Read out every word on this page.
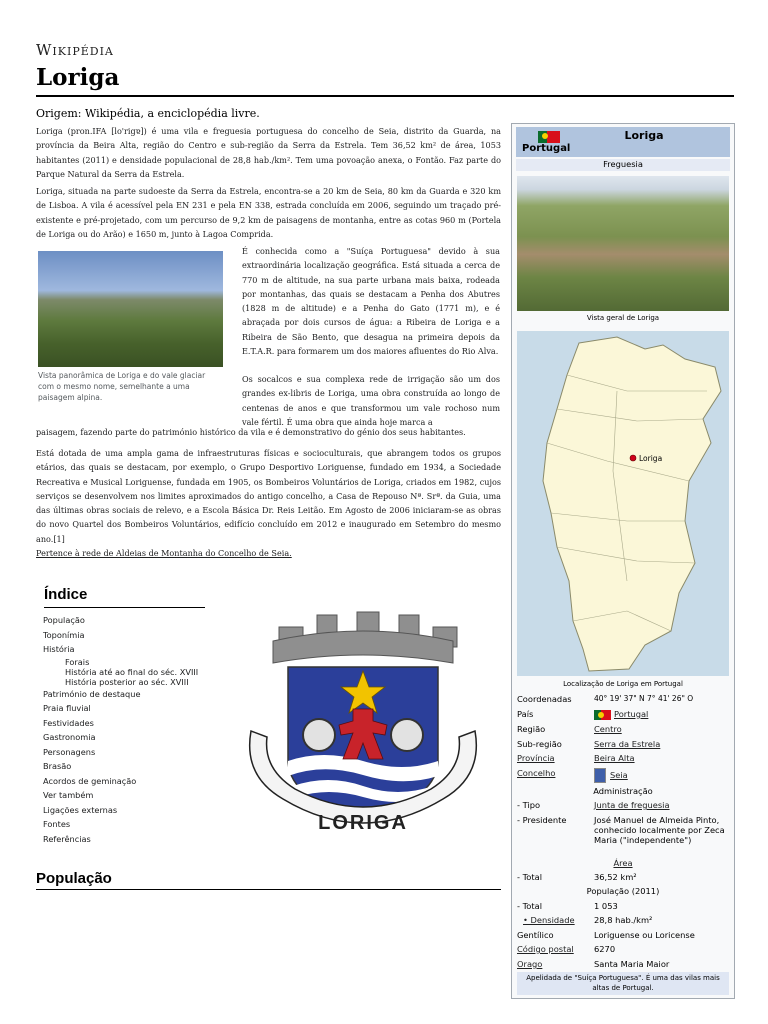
Wikipédia
Loriga
Origem: Wikipédia, a enciclopédia livre.

Loriga (pron.IFA [lo'rigɐ]) é uma vila e freguesia portuguesa do concelho de Seia, distrito da Guarda, na província da Beira Alta, região do Centro e sub-região da Serra da Estrela. Tem 36,52 km² de área, 1053 habitantes (2011) e densidade populacional de 28,8 hab./km². Tem uma povoação anexa, o Fontão. Faz parte do Parque Natural da Serra da Estrela.

Loriga, situada na parte sudoeste da Serra da Estrela, encontra-se a 20 km de Seia, 80 km da Guarda e 320 km de Lisboa. A vila é acessível pela EN 231 e pela EN 338, estrada concluída em 2006, seguindo um traçado pré-existente e pré-projetado, com um percurso de 9,2 km de paisagens de montanha, entre as cotas 960 m (Portela de Loriga ou do Arão) e 1650 m, junto à Lagoa Comprida.

Vista panorâmica de Loriga e do vale glaciar com o mesmo nome, semelhante a uma paisagem alpina.

É conhecida como a "Suíça Portuguesa" devido à sua extraordinária localização geográfica. Está situada a cerca de 770 m de altitude, na sua parte urbana mais baixa, rodeada por montanhas, das quais se destacam a Penha dos Abutres (1828 m de altitude) e a Penha do Gato (1771 m), e é abraçada por dois cursos de água: a Ribeira de Loriga e a Ribeira de São Bento, que desagua na primeira depois da E.T.A.R. para formarem um dos maiores afluentes do Rio Alva.

Os socalcos e sua complexa rede de irrigação são um dos grandes ex-libris de Loriga, uma obra construída ao longo de centenas de anos e que transformou um vale rochoso num vale fértil. É uma obra que ainda hoje marca a

paisagem, fazendo parte do património histórico da vila e é demonstrativo do génio dos seus habitantes.

Está dotada de uma ampla gama de infraestruturas físicas e socioculturais, que abrangem todos os grupos etários, das quais se destacam, por exemplo, o Grupo Desportivo Loriguense, fundado em 1934, a Sociedade Recreativa e Musical Loriguense, fundada em 1905, os Bombeiros Voluntários de Loriga, criados em 1982, cujos serviços se desenvolvem nos limites aproximados do antigo concelho, a Casa de Repouso Nª. Srª. da Guia, uma das últimas obras sociais de relevo, e a Escola Básica Dr. Reis Leitão. Em Agosto de 2006 iniciaram-se as obras do novo Quartel dos Bombeiros Voluntários, edifício concluído em 2012 e inaugurado em Setembro do mesmo ano.[1]

Pertence à rede de Aldeias de Montanha do Concelho de Seia.

Índice
População
Toponímia
História
Forais
História até ao final do séc. XVIII
História posterior ao séc. XVIII
Património de destaque
Praia fluvial
Festividades
Gastronomia
Personagens
Brasão
Acordos de geminação
Ver também
Ligações externas
Fontes
Referências
LORIGA
População
Loriga
Portugal
Freguesia
Vista geral de Loriga
Loriga
Localização de Loriga em Portugal
Coordenadas	40° 19' 37" N 7° 41' 26" O
País	Portugal
Região	Centro
Sub-região	Serra da Estrela
Província	Beira Alta
Concelho	Seia
Administração
- Tipo	Junta de freguesia
- Presidente	José Manuel de Almeida Pinto, conhecido localmente por Zeca Maria ("independente")
Área
- Total	36,52 km²
População (2011)
- Total	1 053
• Densidade 28,8 hab./km²
Gentílico	Loriguense ou Loricense
Código postal 6270
Orago	Santa Maria Maior
Apelidada de "Suíça Portuguesa". É uma das vilas mais altas de Portugal.
